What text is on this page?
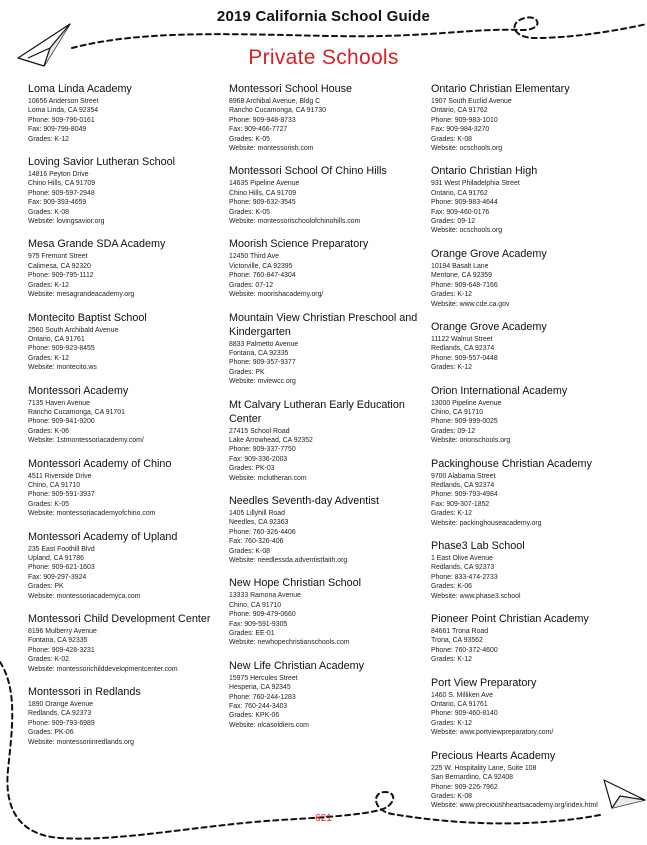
2019 California School Guide
Private Schools
Loma Linda Academy
10656 Anderson Street
Loma Linda, CA 92354
Phone: 909-796-0161
Fax: 909-799-8049
Grades: K-12
Loving Savior Lutheran School
14816 Peyton Drive
Chino Hills, CA 91709
Phone: 909-597-2948
Fax: 909-393-4659
Grades: K-08
Website: lovingsavior.org
Mesa Grande SDA Academy
975 Fremont Street
Calimesa, CA 92320
Phone: 909-795-1112
Grades: K-12
Website: mesagrandeacademy.org
Montecito Baptist School
2560 South Archibald Avenue
Ontario, CA 91761
Phone: 909-923-8455
Grades: K-12
Website: montecito.ws
Montessori Academy
7135 Haven Avenue
Rancho Cucamonga, CA 91701
Phone: 909-941-9200
Grades: K-06
Website: 1stmontessoriacademy.com/
Montessori Academy of Chino
4511 Riverside Drive
Chino, CA 91710
Phone: 909-591-3937
Grades: K-05
Website: montessoriacademyofchino.com
Montessori Academy of Upland
235 East Foothill Blvd
Upland, CA 91786
Phone: 909-621-1603
Fax: 909-297-3924
Grades: PK
Website: montessoriacademyca.com
Montessori Child Development Center
8196 Mulberry Avenue
Fontana, CA 92335
Phone: 909-428-3231
Grades: K-02
Website: montessorichilddevelopmentcenter.com
Montessori in Redlands
1890 Orange Avenue
Redlands, CA 92373
Phone: 909-793-6989
Grades: PK-06
Website: montessoriinredlands.org
Montessori School House
8968 Archibal Avenue, Bldg C
Rancho Cucamonga, CA 91730
Phone: 909-948-8733
Fax: 909-466-7727
Grades: K-05
Website: montessorish.com
Montessori School Of Chino Hills
14635 Pipeline Avenue
Chino Hills, CA 91709
Phone: 909-632-3545
Grades: K-05
Website: montessorischoolofchinohills.com
Moorish Science Preparatory
12450 Third Ave
Victorville, CA 92395
Phone: 760-847-4304
Grades: 07-12
Website: moorishacademy.org/
Mountain View Christian Preschool and Kindergarten
8833 Palmetto Avenue
Fontana, CA 92335
Phone: 909-357-9377
Grades: PK
Website: mviewcc.org
Mt Calvary Lutheran Early Education Center
27415 School Road
Lake Arrowhead, CA 92352
Phone: 909-337-7750
Fax: 909-336-2003
Grades: PK-03
Website: mclutheran.com
Needles Seventh-day Adventist
1405 Lillyhill Road
Needles, CA 92363
Phone: 760-326-4406
Fax: 760-326-406
Grades: K-08
Website: needlessda.adventistfaith.org
New Hope Christian School
13333 Ramona Avenue
Chino, CA 91710
Phone: 909-479-0660
Fax: 909-591-9305
Grades: EE-01
Website: newhopechristianschools.com
New Life Christian Academy
15975 Hercules Street
Hesperia, CA 92345
Phone: 760-244-1283
Fax: 760-244-3403
Grades: KPK-06
Website: nlcasoldiers.com
Ontario Christian Elementary
1907 South Euclid Avenue
Ontario, CA 91762
Phone: 909-983-1010
Fax: 909-984-3270
Grades: K-08
Website: ocschools.org
Ontario Christian High
931 West Philadelphia Street
Ontario, CA 91762
Phone: 909-983-4644
Fax: 909-460-0176
Grades: 09-12
Website: ocschools.org
Orange Grove Academy
10194 Basalt Lane
Mentone, CA 92359
Phone: 909-648-7166
Grades: K-12
Website: www.cde.ca.gov
Orange Grove Academy
11122 Walnut Street
Redlands, CA 92374
Phone: 909-557-0448
Grades: K-12
Orion International Academy
13000 Pipeline Avenue
Chino, CA 91710
Phone: 909-999-0025
Grades: 09-12
Website: orionschools.org
Packinghouse Christian Academy
9700 Alabama Street
Redlands, CA 92374
Phone: 909-793-4984
Fax: 909-307-1852
Grades: K-12
Website: packinghouseacademy.org
Phase3 Lab School
1 East Olive Avenue
Redlands, CA 92373
Phone: 833-474-2733
Grades: K-06
Website: www.phase3.school
Pioneer Point Christian Academy
84661 Trona Road
Trona, CA 93562
Phone: 760-372-4600
Grades: K-12
Port View Preparatory
1460 S. Milliken Ave
Ontario, CA 91761
Phone: 909-460-8140
Grades: K-12
Website: www.portviewpreparatory.com/
Precious Hearts Academy
225 W. Hospitality Lane, Suite 108
San Bernardino, CA 92408
Phone: 909-226-7962
Grades: K-08
Website: www.precioushheartsacademy.org/index.html
621
